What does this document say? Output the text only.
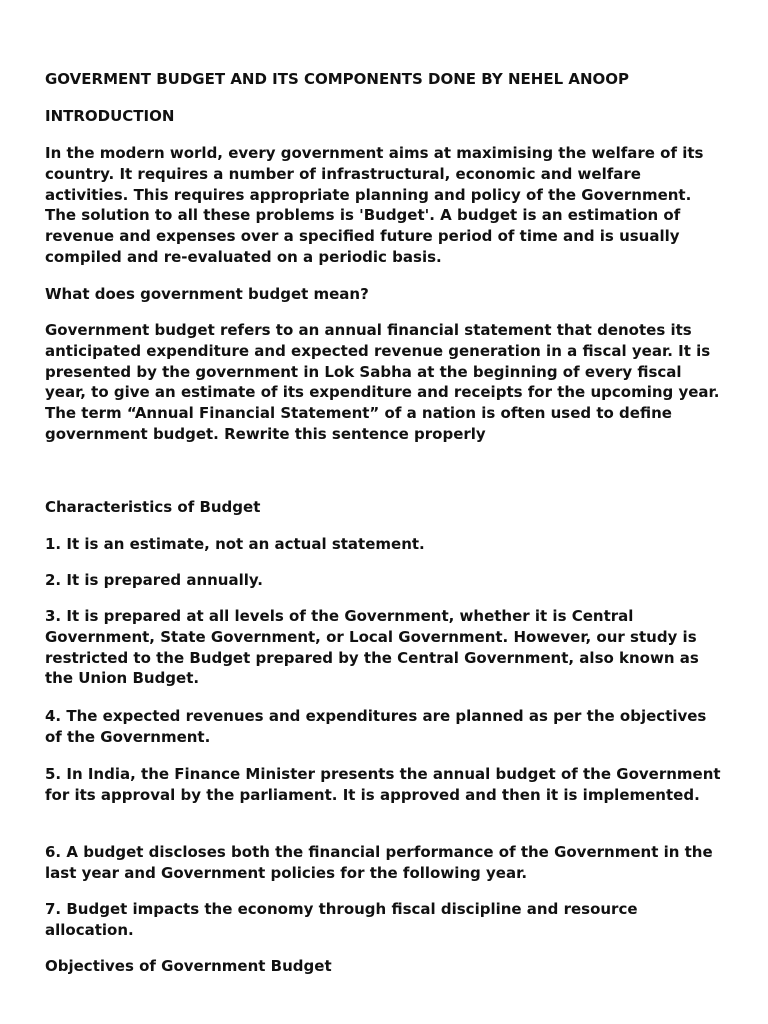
GOVERMENT BUDGET AND ITS COMPONENTS DONE BY NEHEL ANOOP

INTRODUCTION

In the modern world, every government aims at maximising the welfare of its country. It requires a number of infrastructural, economic and welfare activities. This requires appropriate planning and policy of the Government. The solution to all these problems is 'Budget'. A budget is an estimation of revenue and expenses over a specified future period of time and is usually compiled and re-evaluated on a periodic basis.

What does government budget mean?

Government budget refers to an annual financial statement that denotes its anticipated expenditure and expected revenue generation in a fiscal year. It is presented by the government in Lok Sabha at the beginning of every fiscal year, to give an estimate of its expenditure and receipts for the upcoming year. The term “Annual Financial Statement” of a nation is often used to define government budget. Rewrite this sentence properly

Characteristics of Budget

1. It is an estimate, not an actual statement.

2. It is prepared annually.

3. It is prepared at all levels of the Government, whether it is Central Government, State Government, or Local Government. However, our study is restricted to the Budget prepared by the Central Government, also known as the Union Budget.

4. The expected revenues and expenditures are planned as per the objectives of the Government.

5. In India, the Finance Minister presents the annual budget of the Government for its approval by the parliament. It is approved and then it is implemented.

6. A budget discloses both the financial performance of the Government in the last year and Government policies for the following year.

7. Budget impacts the economy through fiscal discipline and resource allocation.

Objectives of Government Budget
